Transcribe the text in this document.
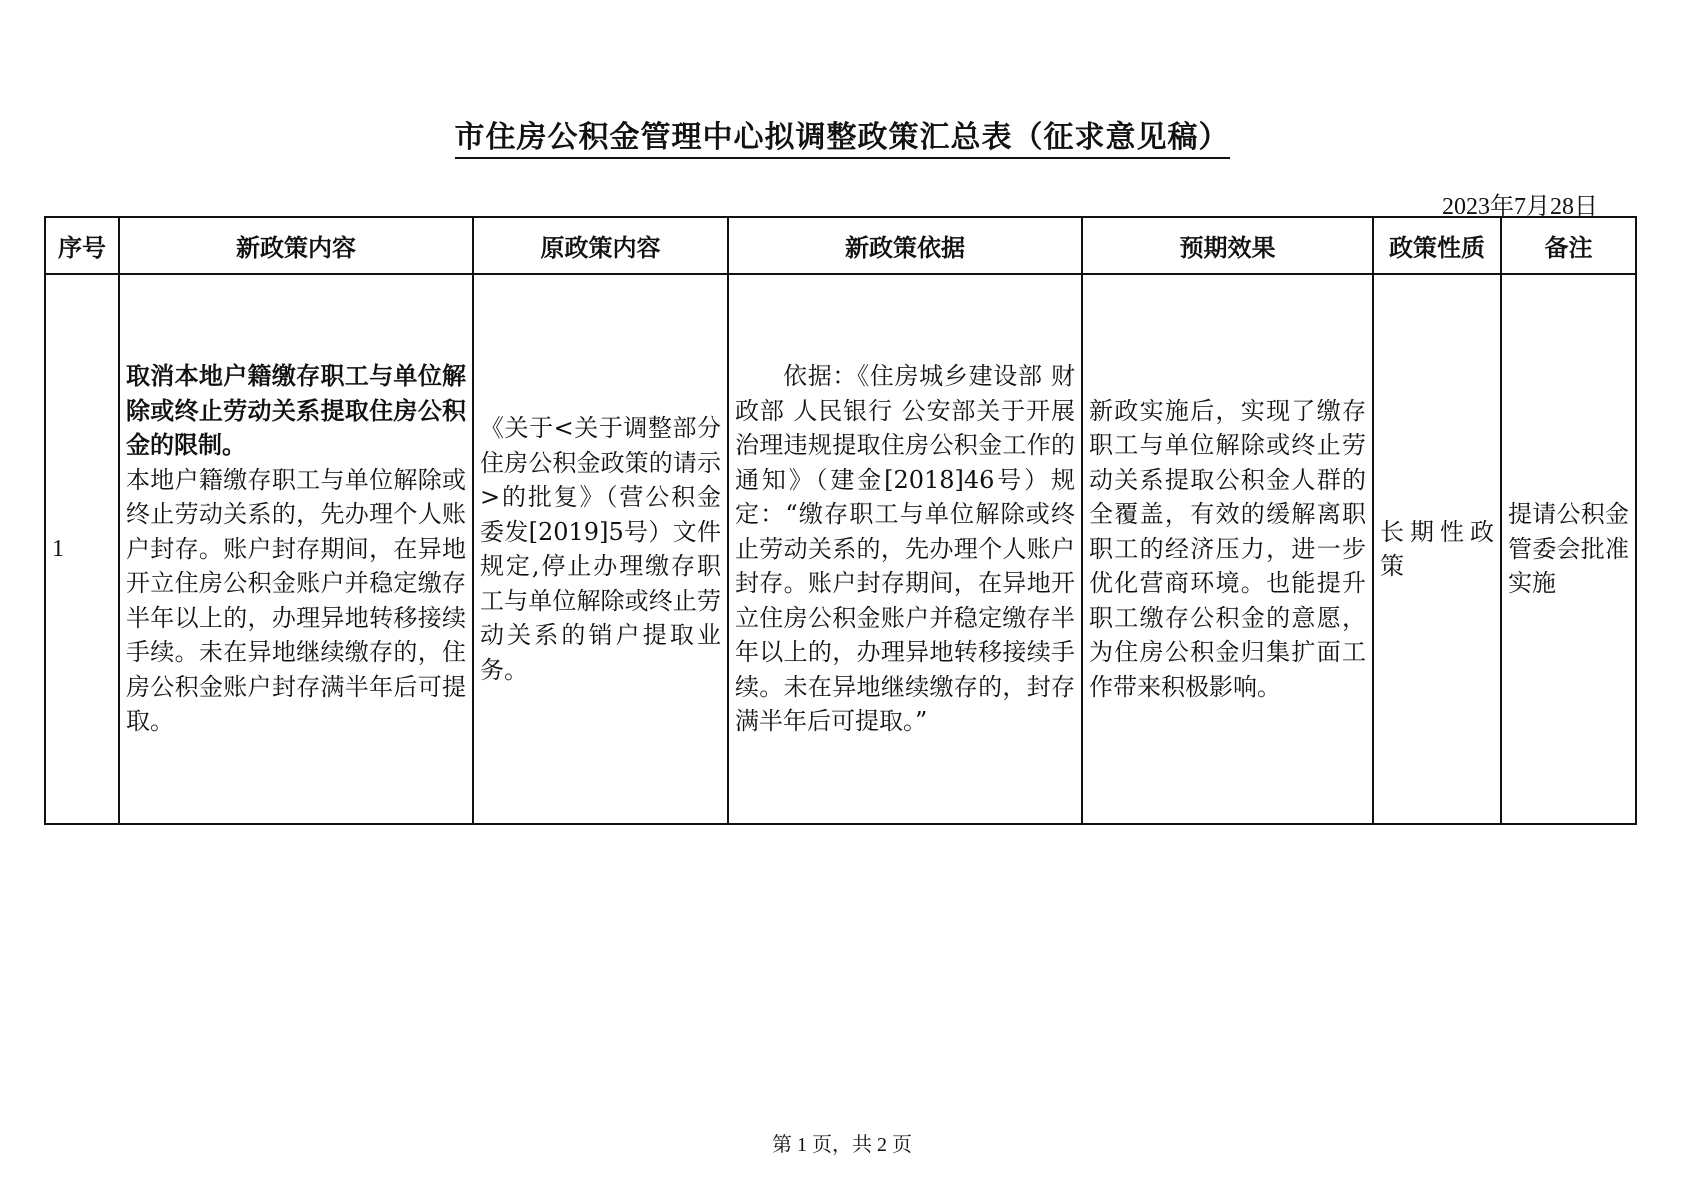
市住房公积金管理中心拟调整政策汇总表（征求意见稿）
2023年7月28日
序号	新政策内容	原政策内容	新政策依据	预期效果	政策性质	备注
1	取消本地户籍缴存职工与单位解除或终止劳动关系提取住房公积金的限制。
本地户籍缴存职工与单位解除或终止劳动关系的，先办理个人账户封存。账户封存期间，在异地开立住房公积金账户并稳定缴存半年以上的，办理异地转移接续手续。未在异地继续缴存的，住房公积金账户封存满半年后可提取。	《关于<关于调整部分住房公积金政策的请示>的批复》（营公积金委发[2019]5号）文件规定,停止办理缴存职工与单位解除或终止劳动关系的销户提取业务。	依据：《住房城乡建设部 财政部 人民银行 公安部关于开展治理违规提取住房公积金工作的通知》（建金[2018]46号）规定：“缴存职工与单位解除或终止劳动关系的，先办理个人账户封存。账户封存期间，在异地开立住房公积金账户并稳定缴存半年以上的，办理异地转移接续手续。未在异地继续缴存的，封存满半年后可提取。”	新政实施后，实现了缴存职工与单位解除或终止劳动关系提取公积金人群的全覆盖，有效的缓解离职职工的经济压力，进一步优化营商环境。也能提升职工缴存公积金的意愿，为住房公积金归集扩面工作带来积极影响。	长期性政策	提请公积金管委会批准实施
第 1 页，共 2 页
